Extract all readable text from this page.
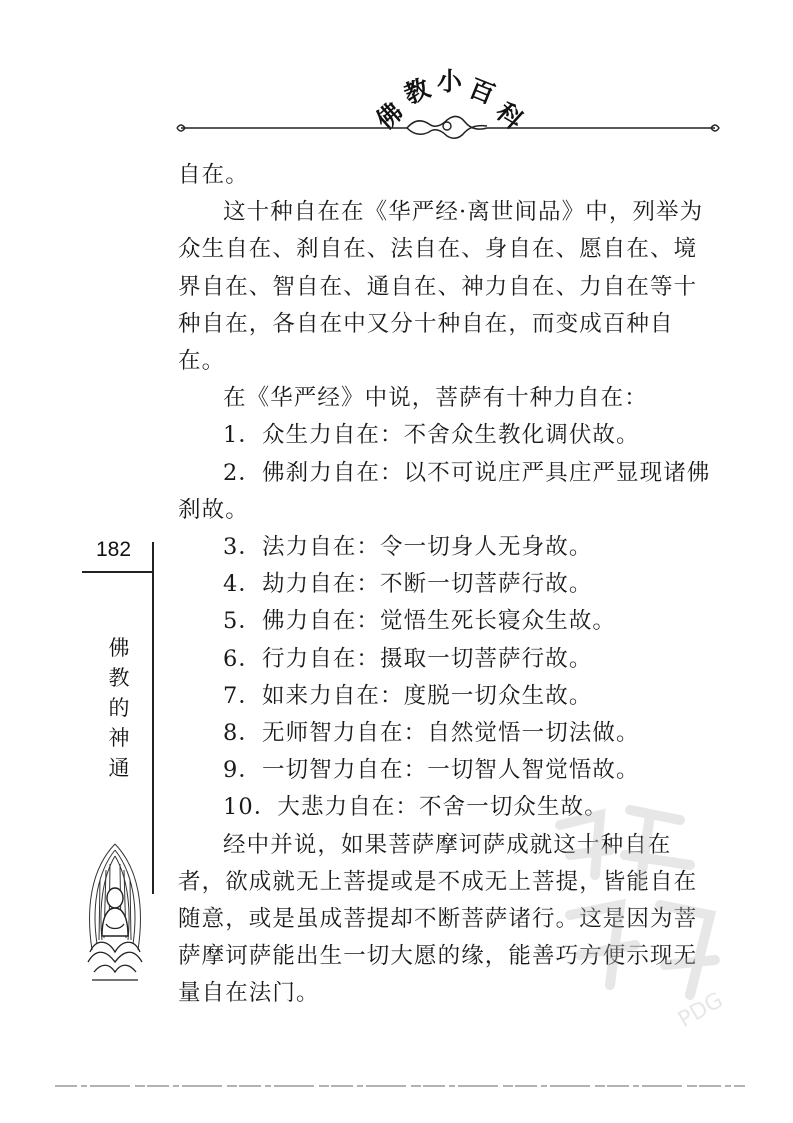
佛
教 小 百
科

自在。

这十种自在在《华严经·离世间品》中，列举为众生自在、刹自在、法自在、身自在、愿自在、境界自在、智自在、通自在、神力自在、力自在等十种自在，各自在中又分十种自在，而变成百种自在。

在《华严经》中说，菩萨有十种力自在：

1．众生力自在：不舍众生教化调伏故。

2．佛刹力自在：以不可说庄严具庄严显现诸佛
刹故。

3．法力自在：令一切身人无身故。

4．劫力自在：不断一切菩萨行故。

5．佛力自在：觉悟生死长寝众生故。

6．行力自在：摄取一切菩萨行故。

7．如来力自在：度脱一切众生故。

8．无师智力自在：自然觉悟一切法做。

9．一切智力自在：一切智人智觉悟故。

10．大悲力自在：不舍一切众生故。

经中并说，如果菩萨摩诃萨成就这十种自在者，欲成就无上菩提或是不成无上菩提，皆能自在随意，或是虽成菩提却不断菩萨诸行。这是因为菩萨摩诃萨能出生一切大愿的缘，能善巧方便示现无量自在法门。

182
佛
教
的
神
通
PDG
